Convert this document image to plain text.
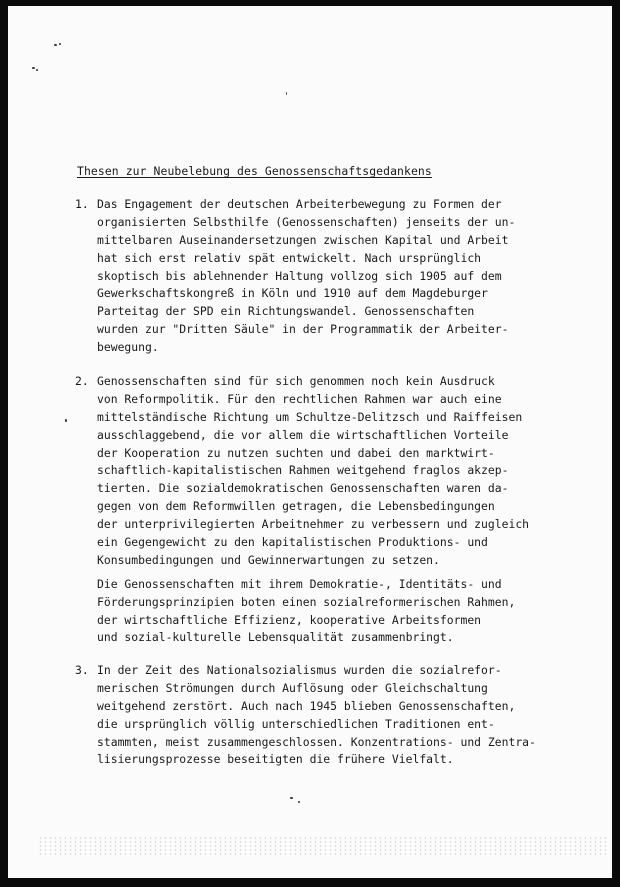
Thesen zur Neubelebung des Genossenschaftsgedankens
1. Das Engagement der deutschen Arbeiterbewegung zu Formen der
organisierten Selbsthilfe (Genossenschaften) jenseits der un-
mittelbaren Auseinandersetzungen zwischen Kapital und Arbeit
hat sich erst relativ spät entwickelt. Nach ursprünglich
skoptisch bis ablehnender Haltung vollzog sich 1905 auf dem
Gewerkschaftskongreß in Köln und 1910 auf dem Magdeburger
Parteitag der SPD ein Richtungswandel. Genossenschaften
wurden zur "Dritten Säule" in der Programmatik der Arbeiter-
bewegung.
2. Genossenschaften sind für sich genommen noch kein Ausdruck
von Reformpolitik. Für den rechtlichen Rahmen war auch eine
mittelständische Richtung um Schultze-Delitzsch und Raiffeisen
ausschlaggebend, die vor allem die wirtschaftlichen Vorteile
der Kooperation zu nutzen suchten und dabei den marktwirt-
schaftlich-kapitalistischen Rahmen weitgehend fraglos akzep-
tierten. Die sozialdemokratischen Genossenschaften waren da-
gegen von dem Reformwillen getragen, die Lebensbedingungen
der unterprivilegierten Arbeitnehmer zu verbessern und zugleich
ein Gegengewicht zu den kapitalistischen Produktions- und
Konsumbedingungen und Gewinnerwartungen zu setzen.
Die Genossenschaften mit ihrem Demokratie-, Identitäts- und
Förderungsprinzipien boten einen sozialreformerischen Rahmen,
der wirtschaftliche Effizienz, kooperative Arbeitsformen
und sozial-kulturelle Lebensqualität zusammenbringt.
3. In der Zeit des Nationalsozialismus wurden die sozialrefor-
merischen Strömungen durch Auflösung oder Gleichschaltung
weitgehend zerstört. Auch nach 1945 blieben Genossenschaften,
die ursprünglich völlig unterschiedlichen Traditionen ent-
stammten, meist zusammengeschlossen. Konzentrations- und Zentra-
lisierungsprozesse beseitigten die frühere Vielfalt.
